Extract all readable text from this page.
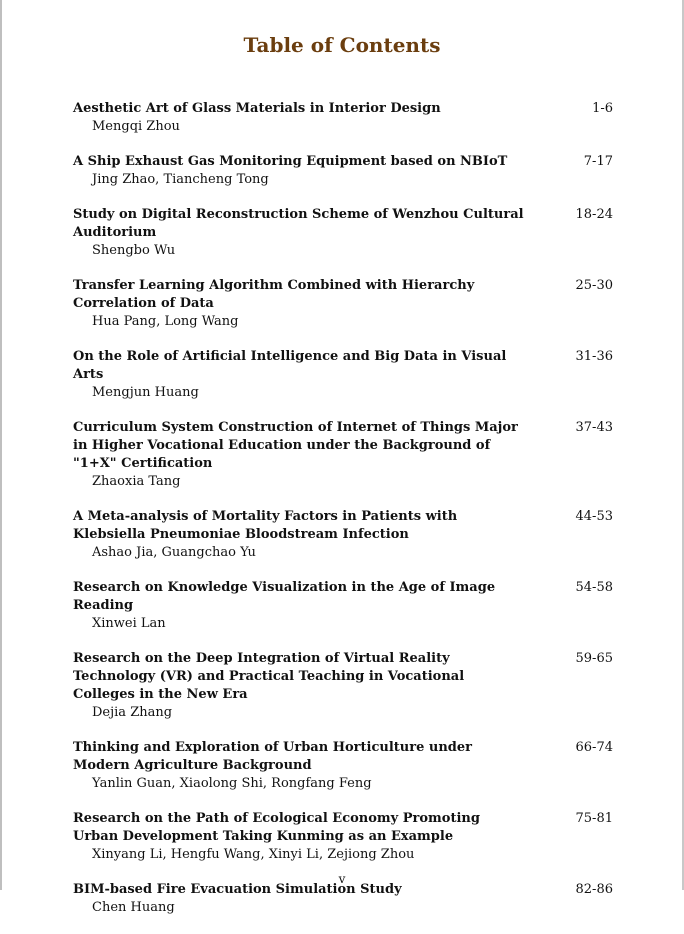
Table of Contents
Aesthetic Art of Glass Materials in Interior Design
Mengqi Zhou
1-6
A Ship Exhaust Gas Monitoring Equipment based on NBIoT
Jing Zhao, Tiancheng Tong
7-17
Study on Digital Reconstruction Scheme of Wenzhou Cultural Auditorium
Shengbo Wu
18-24
Transfer Learning Algorithm Combined with Hierarchy Correlation of Data
Hua Pang, Long Wang
25-30
On the Role of Artificial Intelligence and Big Data in Visual Arts
Mengjun Huang
31-36
Curriculum System Construction of Internet of Things Major in Higher Vocational Education under the Background of "1+X" Certification
Zhaoxia Tang
37-43
A Meta-analysis of Mortality Factors in Patients with Klebsiella Pneumoniae Bloodstream Infection
Ashao Jia, Guangchao Yu
44-53
Research on Knowledge Visualization in the Age of Image Reading
Xinwei Lan
54-58
Research on the Deep Integration of Virtual Reality Technology (VR) and Practical Teaching in Vocational Colleges in the New Era
Dejia Zhang
59-65
Thinking and Exploration of Urban Horticulture under Modern Agriculture Background
Yanlin Guan, Xiaolong Shi, Rongfang Feng
66-74
Research on the Path of Ecological Economy Promoting Urban Development Taking Kunming as an Example
Xinyang Li, Hengfu Wang, Xinyi Li, Zejiong Zhou
75-81
BIM-based Fire Evacuation Simulation Study
Chen Huang
82-86
v
